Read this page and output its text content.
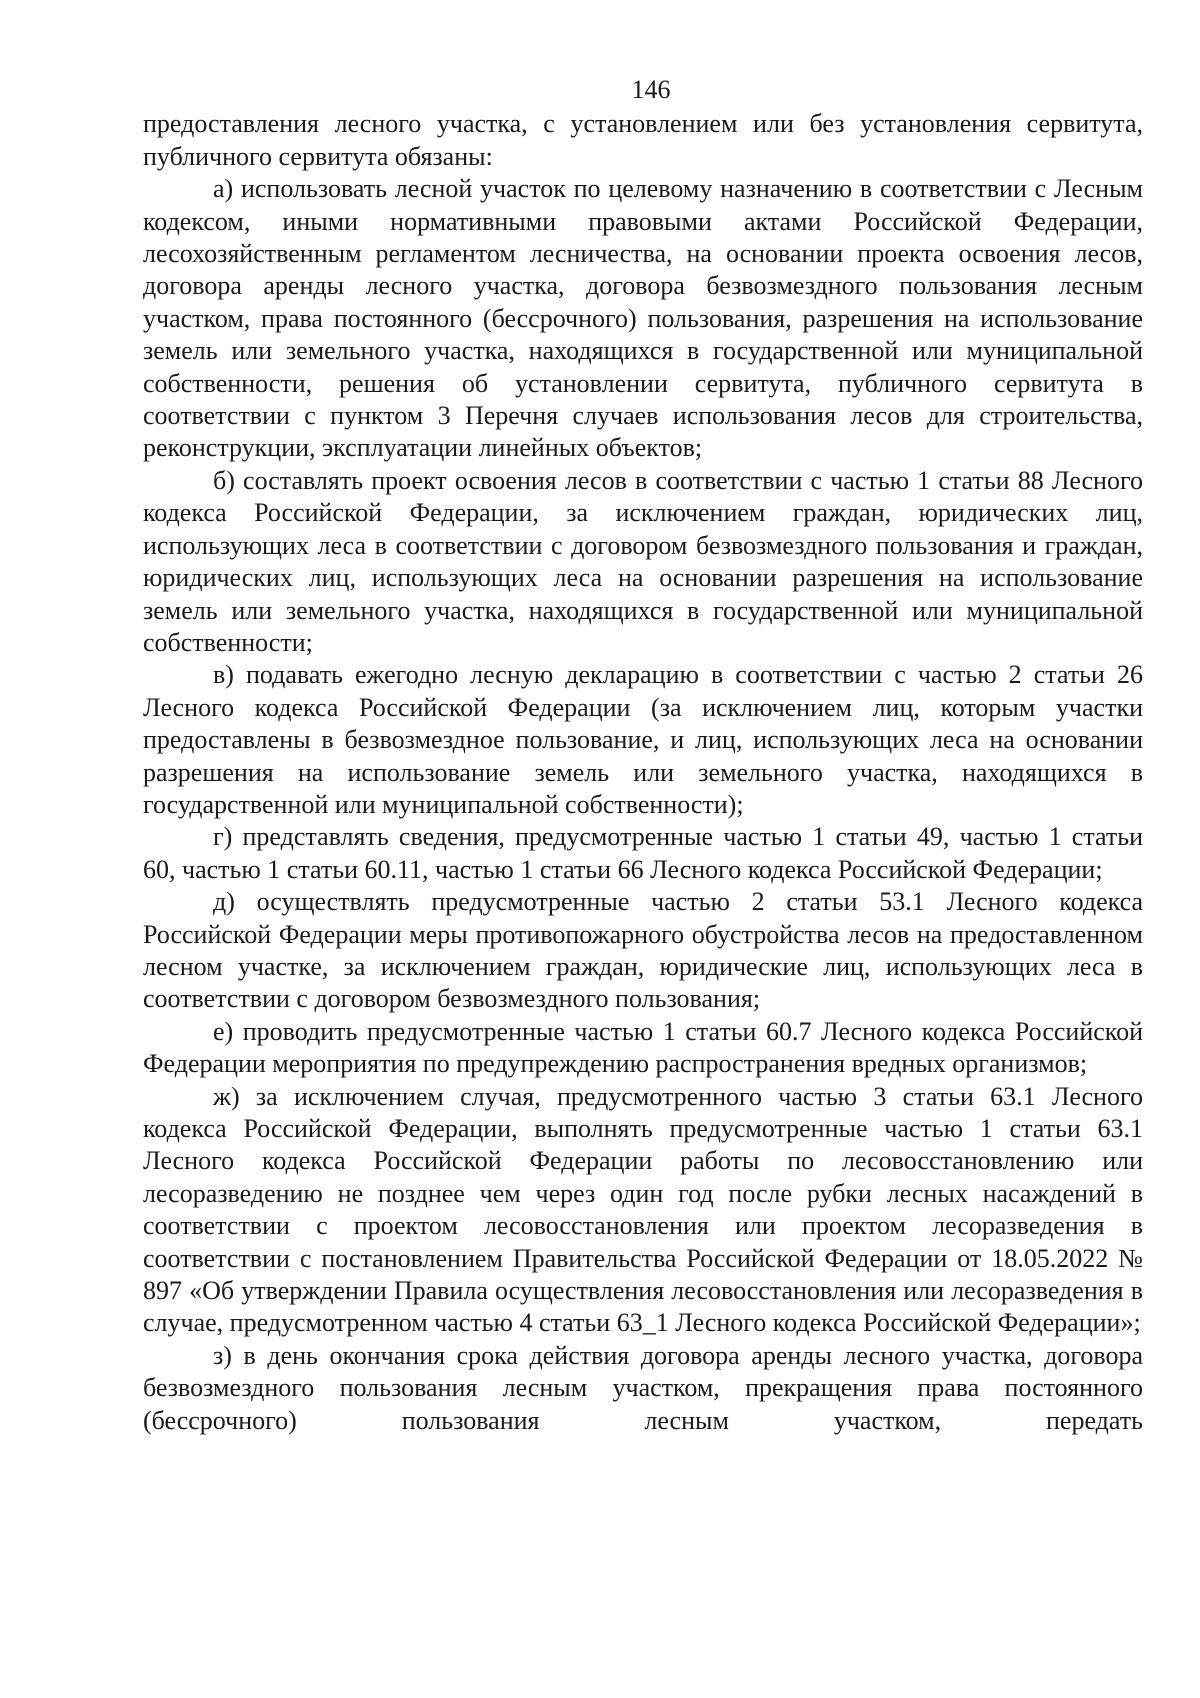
146

предоставления лесного участка, с установлением или без установления сервитута, публичного сервитута обязаны:

а) использовать лесной участок по целевому назначению в соответствии с Лесным кодексом, иными нормативными правовыми актами Российской Федерации, лесохозяйственным регламентом лесничества, на основании проекта освоения лесов, договора аренды лесного участка, договора безвозмездного пользования лесным участком, права постоянного (бессрочного) пользования, разрешения на использование земель или земельного участка, находящихся в государственной или муниципальной собственности, решения об установлении сервитута, публичного сервитута в соответствии с пунктом 3 Перечня случаев использования лесов для строительства, реконструкции, эксплуатации линейных объектов;

б) составлять проект освоения лесов в соответствии с частью 1 статьи 88 Лесного кодекса Российской Федерации, за исключением граждан, юридических лиц, использующих леса в соответствии с договором безвозмездного пользования и граждан, юридических лиц, использующих леса на основании разрешения на использование земель или земельного участка, находящихся в государственной или муниципальной собственности;

в) подавать ежегодно лесную декларацию в соответствии с частью 2 статьи 26 Лесного кодекса Российской Федерации (за исключением лиц, которым участки предоставлены в безвозмездное пользование, и лиц, использующих леса на основании разрешения на использование земель или земельного участка, находящихся в государственной или муниципальной собственности);

г) представлять сведения, предусмотренные частью 1 статьи 49, частью 1 статьи 60, частью 1 статьи 60.11, частью 1 статьи 66 Лесного кодекса Российской Федерации;

д) осуществлять предусмотренные частью 2 статьи 53.1 Лесного кодекса Российской Федерации меры противопожарного обустройства лесов на предоставленном лесном участке, за исключением граждан, юридические лиц, использующих леса в соответствии с договором безвозмездного пользования;

е) проводить предусмотренные частью 1 статьи 60.7 Лесного кодекса Российской Федерации мероприятия по предупреждению распространения вредных организмов;

ж) за исключением случая, предусмотренного частью 3 статьи 63.1 Лесного кодекса Российской Федерации, выполнять предусмотренные частью 1 статьи 63.1 Лесного кодекса Российской Федерации работы по лесовосстановлению или лесоразведению не позднее чем через один год после рубки лесных насаждений в соответствии с проектом лесовосстановления или проектом лесоразведения в соответствии с постановлением Правительства Российской Федерации от 18.05.2022 № 897 «Об утверждении Правила осуществления лесовосстановления или лесоразведения в случае, предусмотренном частью 4 статьи 63_1 Лесного кодекса Российской Федерации»;

з) в день окончания срока действия договора аренды лесного участка, договора безвозмездного пользования лесным участком, прекращения права постоянного (бессрочного) пользования лесным участком, передать
